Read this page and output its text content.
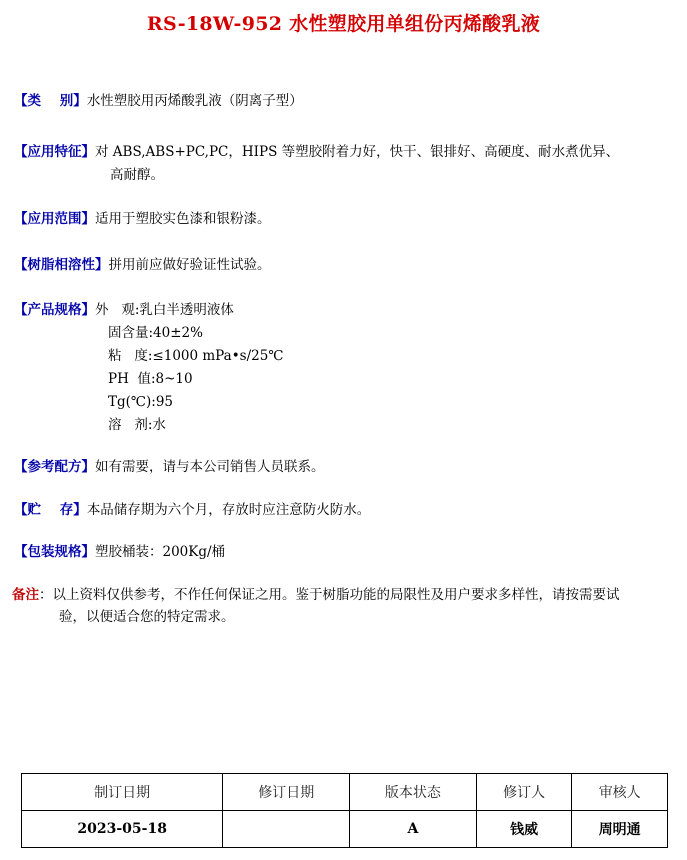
RS-18W-952 水性塑胶用单组份丙烯酸乳液
【类    别】水性塑胶用丙烯酸乳液（阴离子型）
【应用特征】对 ABS,ABS+PC,PC，HIPS 等塑胶附着力好，快干、银排好、高硬度、耐水煮优异、
高耐醇。
【应用范围】适用于塑胶实色漆和银粉漆。
【树脂相溶性】拼用前应做好验证性试验。
【产品规格】外   观:乳白半透明液体
固含量:40±2%
粘   度:≤1000 mPa•s/25℃
PH  值:8~10
Tg(℃):95
溶   剂:水
【参考配方】如有需要，请与本公司销售人员联系。
【贮    存】本品储存期为六个月，存放时应注意防火防水。
【包装规格】塑胶桶装：200Kg/桶
备注：以上资料仅供参考，不作任何保证之用。鉴于树脂功能的局限性及用户要求多样性，请按需要试
验，以便适合您的特定需求。
制订日期	修订日期	版本状态	修订人	审核人
2023-05-18		A	钱威	周明通
